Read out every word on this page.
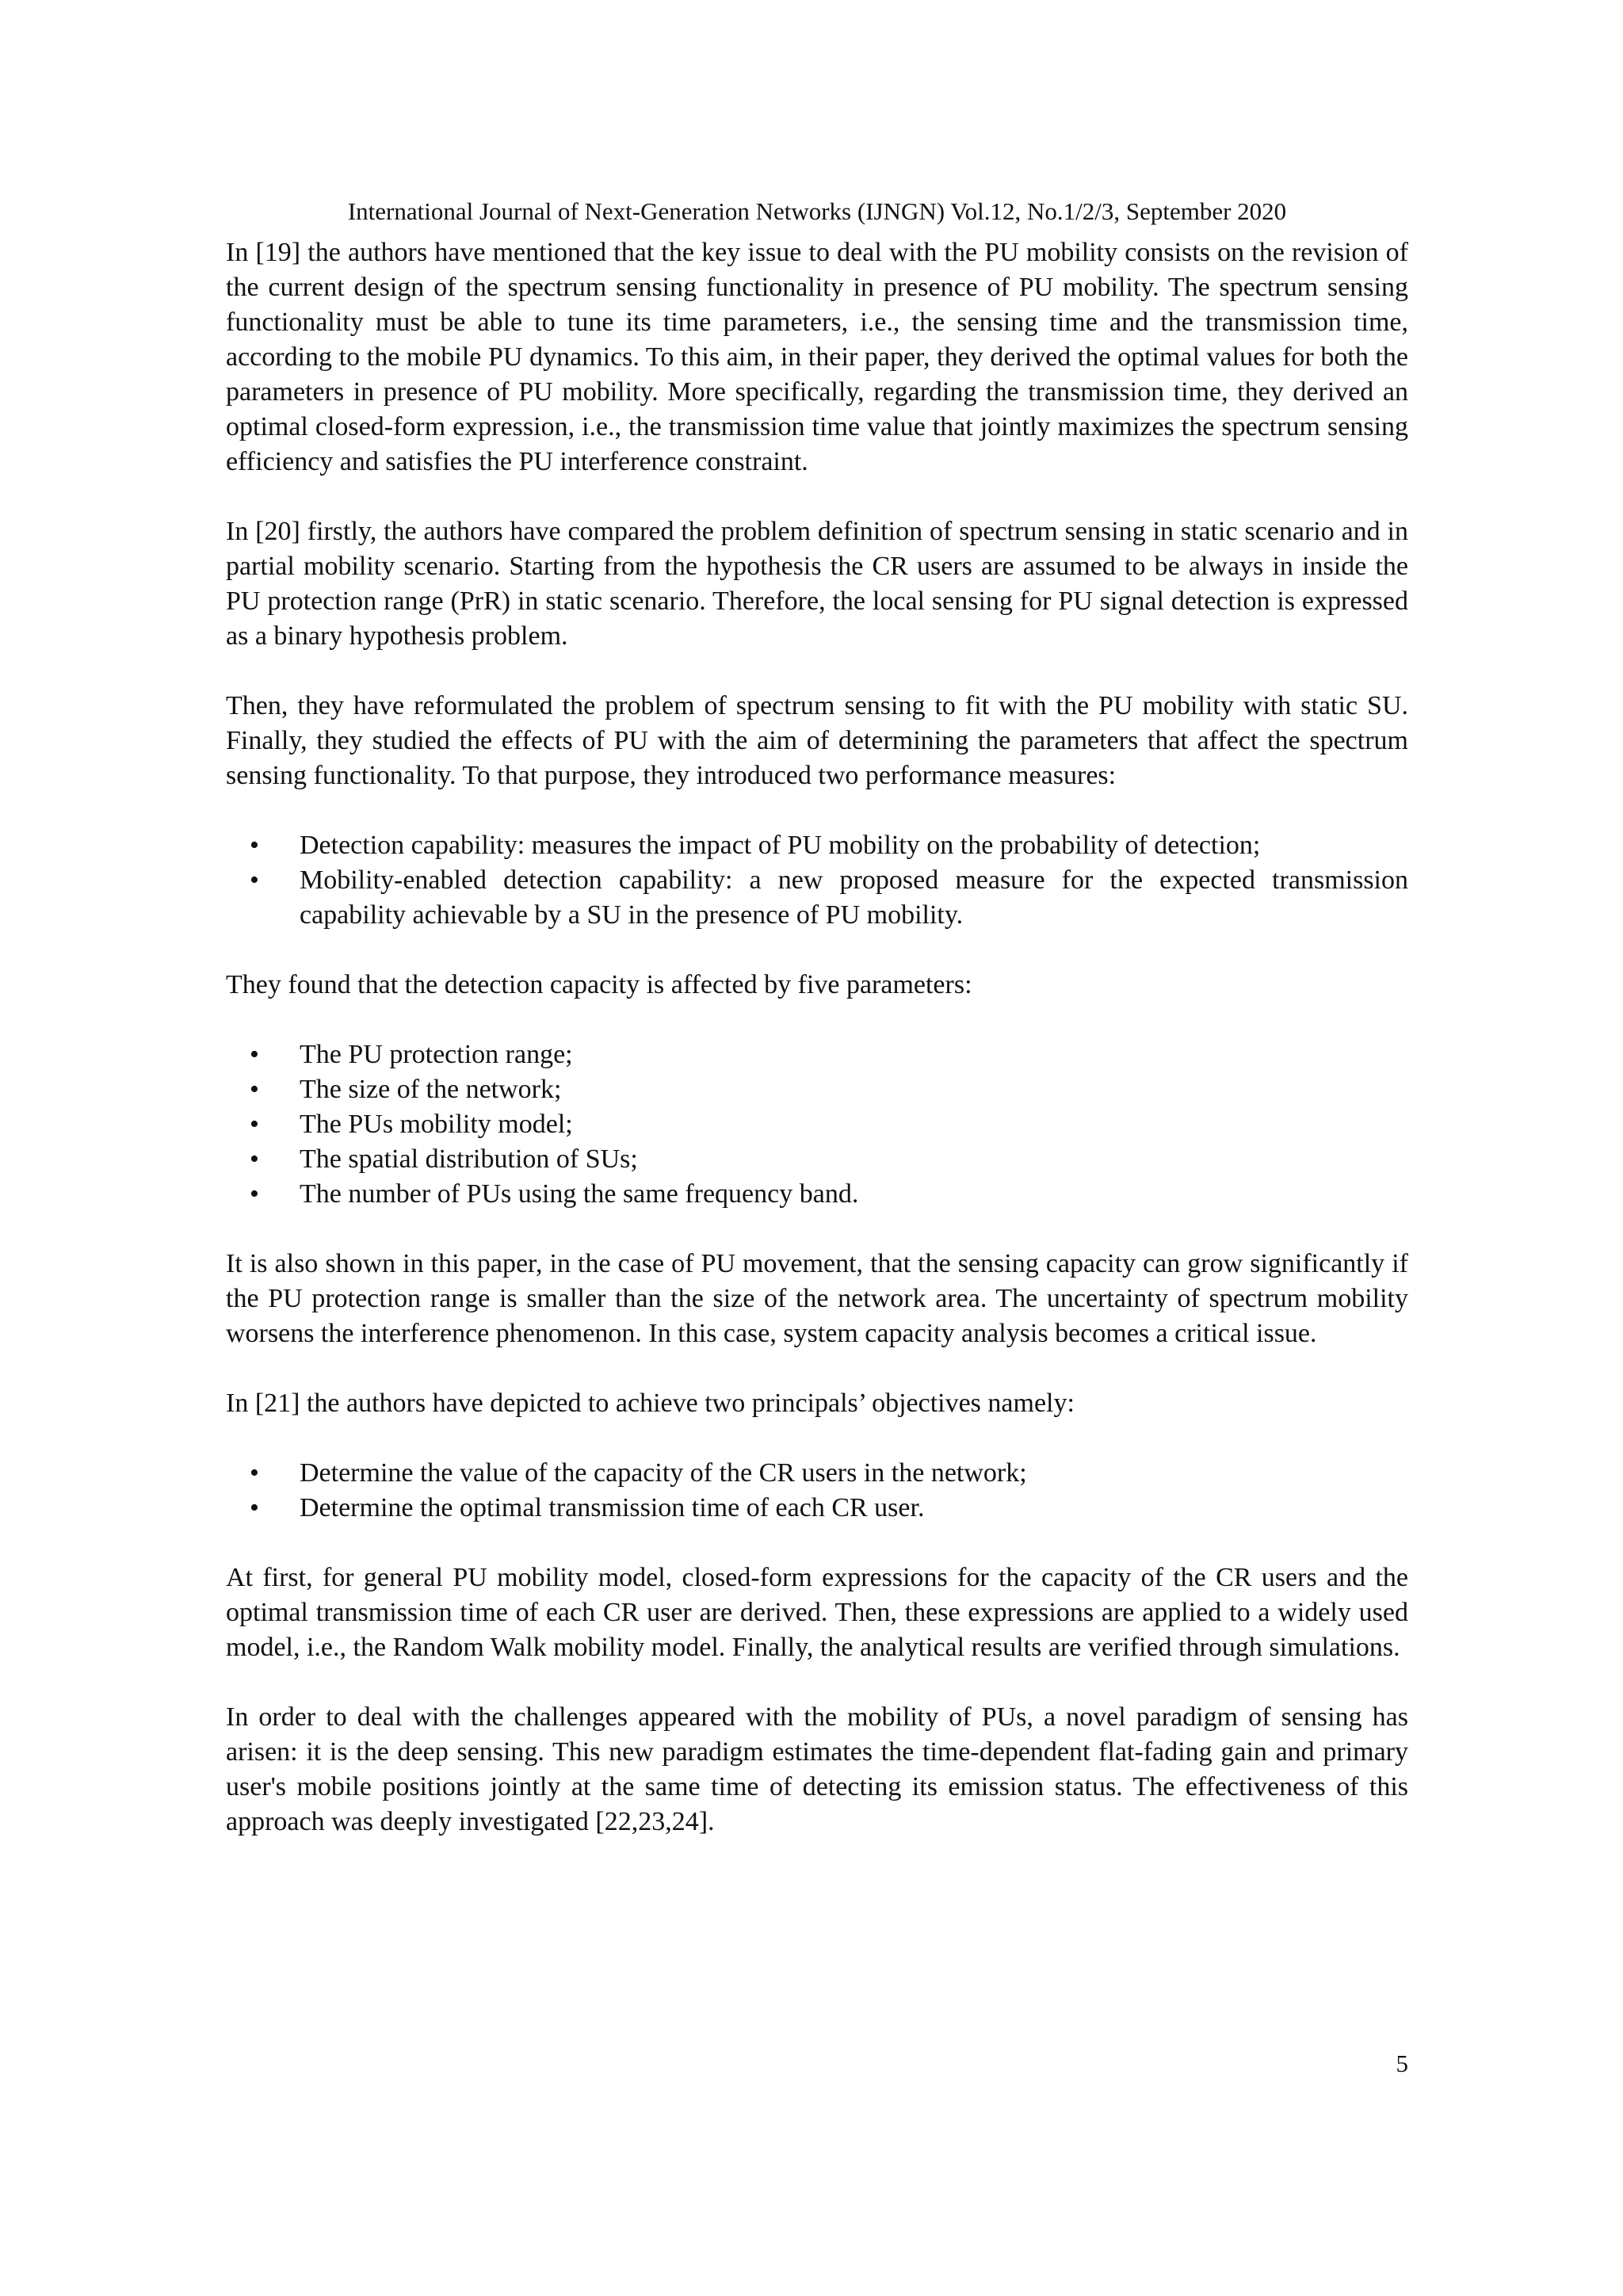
International Journal of Next-Generation Networks (IJNGN) Vol.12, No.1/2/3, September 2020

In [19] the authors have mentioned that the key issue to deal with the PU mobility consists on the revision of the current design of the spectrum sensing functionality in presence of PU mobility. The spectrum sensing functionality must be able to tune its time parameters, i.e., the sensing time and the transmission time, according to the mobile PU dynamics. To this aim, in their paper, they derived the optimal values for both the parameters in presence of PU mobility. More specifically, regarding the transmission time, they derived an optimal closed-form expression, i.e., the transmission time value that jointly maximizes the spectrum sensing efficiency and satisfies the PU interference constraint.

In [20] firstly, the authors have compared the problem definition of spectrum sensing in static scenario and in partial mobility scenario. Starting from the hypothesis the CR users are assumed to be always in inside the PU protection range (PrR) in static scenario. Therefore, the local sensing for PU signal detection is expressed as a binary hypothesis problem.

Then, they have reformulated the problem of spectrum sensing to fit with the PU mobility with static SU. Finally, they studied the effects of PU with the aim of determining the parameters that affect the spectrum sensing functionality. To that purpose, they introduced two performance measures:

• Detection capability: measures the impact of PU mobility on the probability of detection;
• Mobility-enabled detection capability: a new proposed measure for the expected transmission capability achievable by a SU in the presence of PU mobility.

They found that the detection capacity is affected by five parameters:

• The PU protection range;
• The size of the network;
• The PUs mobility model;
• The spatial distribution of SUs;
• The number of PUs using the same frequency band.

It is also shown in this paper, in the case of PU movement, that the sensing capacity can grow significantly if the PU protection range is smaller than the size of the network area. The uncertainty of spectrum mobility worsens the interference phenomenon. In this case, system capacity analysis becomes a critical issue.

In [21] the authors have depicted to achieve two principals’ objectives namely:

• Determine the value of the capacity of the CR users in the network;
• Determine the optimal transmission time of each CR user.

At first, for general PU mobility model, closed-form expressions for the capacity of the CR users and the optimal transmission time of each CR user are derived. Then, these expressions are applied to a widely used model, i.e., the Random Walk mobility model. Finally, the analytical results are verified through simulations.

In order to deal with the challenges appeared with the mobility of PUs, a novel paradigm of sensing has arisen: it is the deep sensing. This new paradigm estimates the time-dependent flat-fading gain and primary user's mobile positions jointly at the same time of detecting its emission status. The effectiveness of this approach was deeply investigated [22,23,24].

5
